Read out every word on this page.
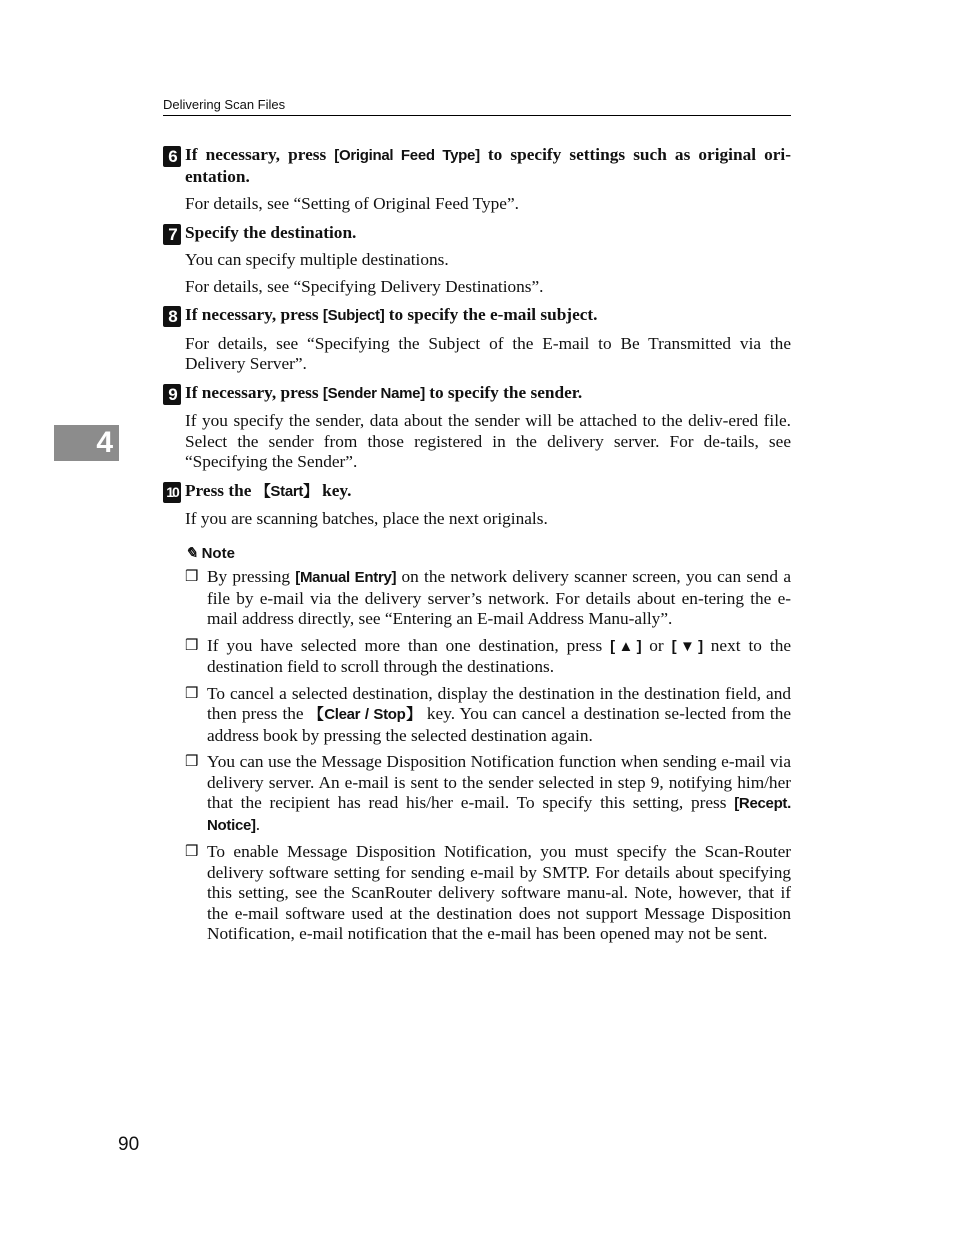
Delivering Scan Files
4
6 If necessary, press [Original Feed Type] to specify settings such as original ori-entation.
For details, see “Setting of Original Feed Type”.
7 Specify the destination.
You can specify multiple destinations.
For details, see “Specifying Delivery Destinations”.
8 If necessary, press [Subject] to specify the e-mail subject.
For details, see “Specifying the Subject of the E-mail to Be Transmitted via the Delivery Server”.
9 If necessary, press [Sender Name] to specify the sender.
If you specify the sender, data about the sender will be attached to the deliv-ered file. Select the sender from those registered in the delivery server. For de-tails, see “Specifying the Sender”.
10 Press the 【Start】 key.
If you are scanning batches, place the next originals.
✎ Note
❒ By pressing [Manual Entry] on the network delivery scanner screen, you can send a file by e-mail via the delivery server’s network. For details about en-tering the e-mail address directly, see “Entering an E-mail Address Manu-ally”.
❒ If you have selected more than one destination, press [▲] or [▼] next to the destination field to scroll through the destinations.
❒ To cancel a selected destination, display the destination in the destination field, and then press the 【Clear / Stop】 key. You can cancel a destination se-lected from the address book by pressing the selected destination again.
❒ You can use the Message Disposition Notification function when sending e-mail via delivery server. An e-mail is sent to the sender selected in step 9, notifying him/her that the recipient has read his/her e-mail. To specify this setting, press [Recept. Notice].
❒ To enable Message Disposition Notification, you must specify the Scan-Router delivery software setting for sending e-mail by SMTP. For details about specifying this setting, see the ScanRouter delivery software manu-al. Note, however, that if the e-mail software used at the destination does not support Message Disposition Notification, e-mail notification that the e-mail has been opened may not be sent.
90
